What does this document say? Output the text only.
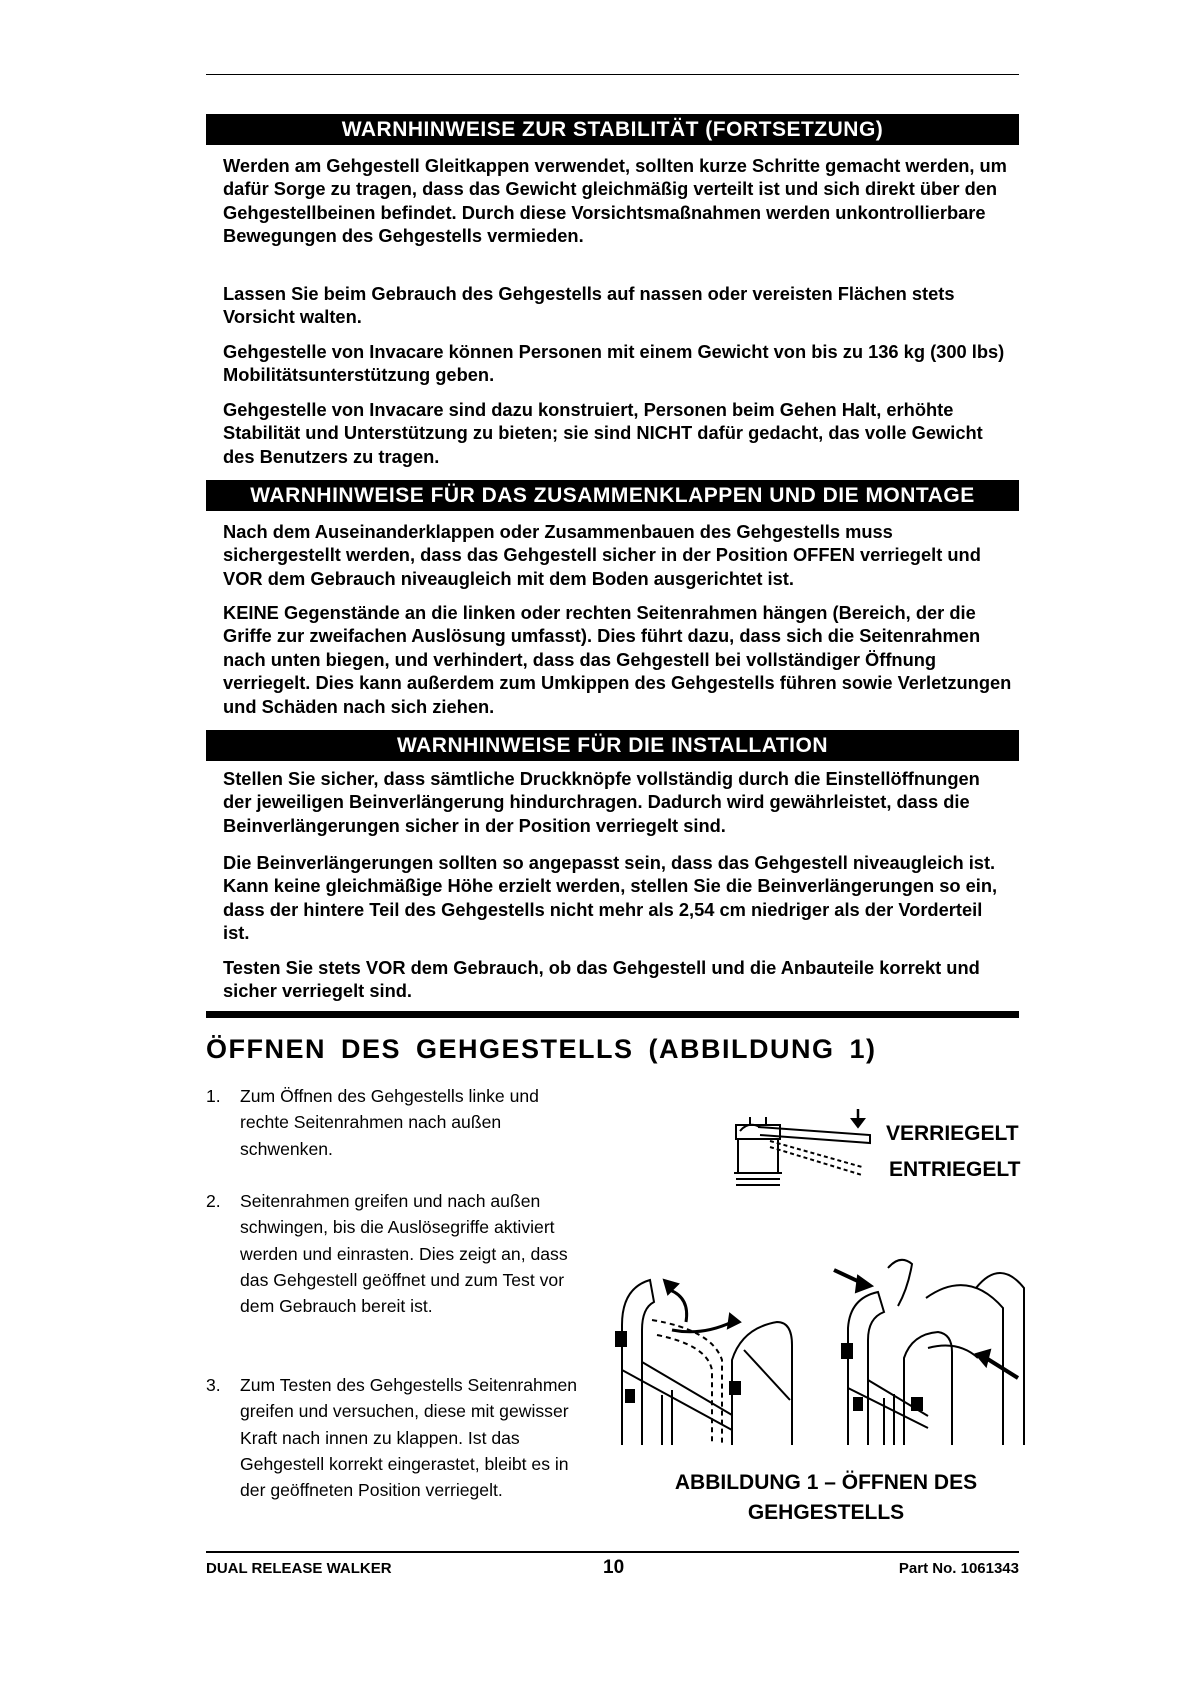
WARNHINWEISE ZUR STABILITÄT (FORTSETZUNG)

Werden am Gehgestell Gleitkappen verwendet, sollten kurze Schritte gemacht werden, um dafür Sorge zu tragen, dass das Gewicht gleichmäßig verteilt ist und sich direkt über den Gehgestellbeinen befindet. Durch diese Vorsichtsmaßnahmen werden unkontrollierbare Bewegungen des Gehgestells vermieden.

Lassen Sie beim Gebrauch des Gehgestells auf nassen oder vereisten Flächen stets Vorsicht walten.

Gehgestelle von Invacare können Personen mit einem Gewicht von bis zu 136 kg (300 lbs) Mobilitätsunterstützung geben.

Gehgestelle von Invacare sind dazu konstruiert, Personen beim Gehen Halt, erhöhte Stabilität und Unterstützung zu bieten; sie sind NICHT dafür gedacht, das volle Gewicht des Benutzers zu tragen.

WARNHINWEISE FÜR DAS ZUSAMMENKLAPPEN UND DIE MONTAGE

Nach dem Auseinanderklappen oder Zusammenbauen des Gehgestells muss sichergestellt werden, dass das Gehgestell sicher in der Position OFFEN verriegelt und VOR dem Gebrauch niveaugleich mit dem Boden ausgerichtet ist.

KEINE Gegenstände an die linken oder rechten Seitenrahmen hängen (Bereich, der die Griffe zur zweifachen Auslösung umfasst). Dies führt dazu, dass sich die Seitenrahmen nach unten biegen, und verhindert, dass das Gehgestell bei vollständiger Öffnung verriegelt. Dies kann außerdem zum Umkippen des Gehgestells führen sowie Verletzungen und Schäden nach sich ziehen.

WARNHINWEISE FÜR DIE INSTALLATION

Stellen Sie sicher, dass sämtliche Druckknöpfe vollständig durch die Einstellöffnungen der jeweiligen Beinverlängerung hindurchragen. Dadurch wird gewährleistet, dass die Beinverlängerungen sicher in der Position verriegelt sind.

Die Beinverlängerungen sollten so angepasst sein, dass das Gehgestell niveaugleich ist. Kann keine gleichmäßige Höhe erzielt werden, stellen Sie die Beinverlängerungen so ein, dass der hintere Teil des Gehgestells nicht mehr als 2,54 cm niedriger als der Vorderteil ist.

Testen Sie stets VOR dem Gebrauch, ob das Gehgestell und die Anbauteile korrekt und sicher verriegelt sind.

ÖFFNEN DES GEHGESTELLS (ABBILDUNG 1)
1. Zum Öffnen des Gehgestells linke und rechte Seitenrahmen nach außen schwenken.
2. Seitenrahmen greifen und nach außen schwingen, bis die Auslösegriffe aktiviert werden und einrasten. Dies zeigt an, dass das Gehgestell geöffnet und zum Test vor dem Gebrauch bereit ist.
3. Zum Testen des Gehgestells Seitenrahmen greifen und versuchen, diese mit gewisser Kraft nach innen zu klappen. Ist das Gehgestell korrekt eingerastet, bleibt es in der geöffneten Position verriegelt.
VERRIEGELT
ENTRIEGELT
ABBILDUNG 1 – ÖFFNEN DES GEHGESTELLS
DUAL RELEASE WALKER	10	Part No. 1061343
